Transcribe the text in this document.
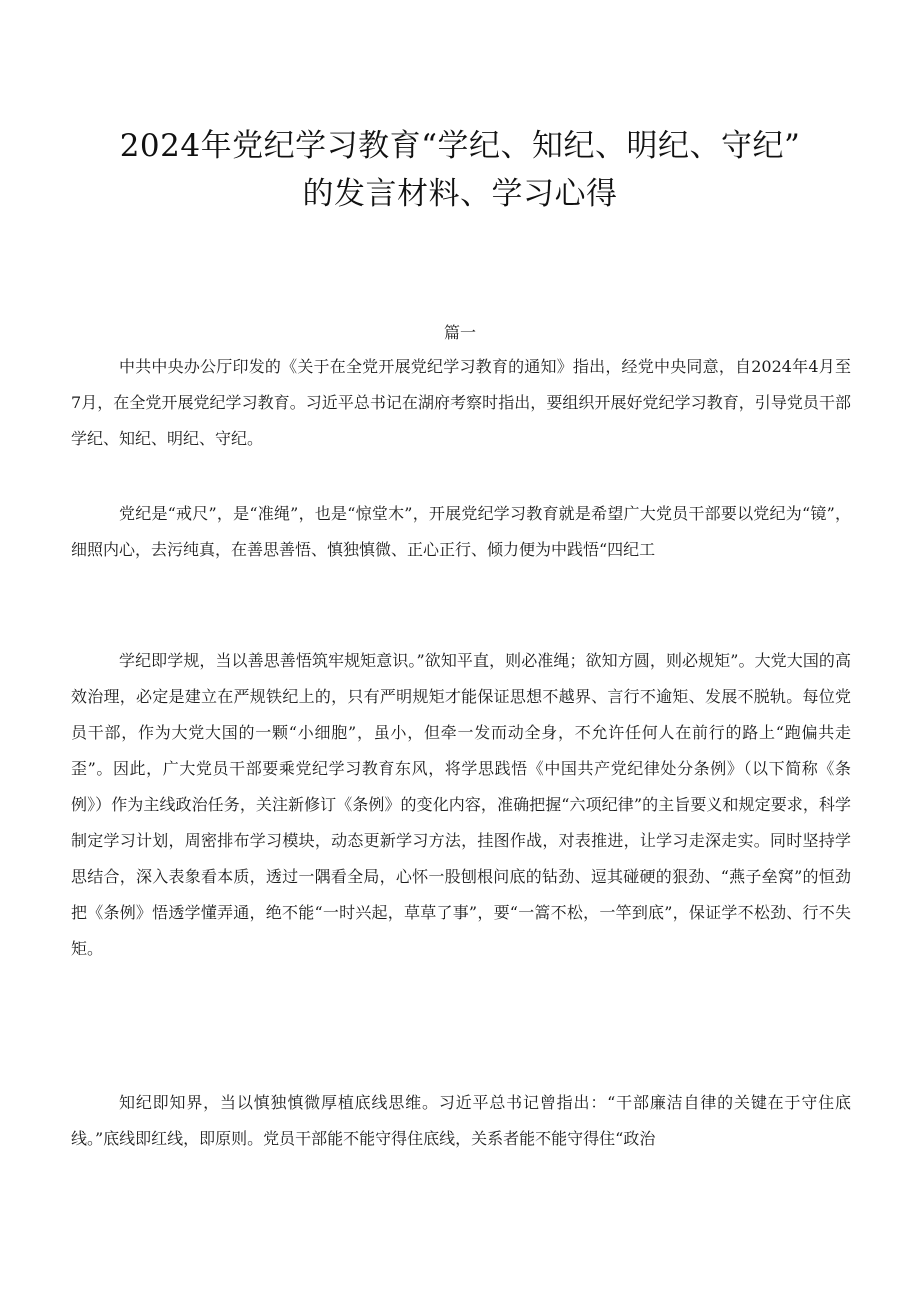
2024年党纪学习教育“学纪、知纪、明纪、守纪”
的发言材料、学习心得
篇一

中共中央办公厅印发的《关于在全党开展党纪学习教育的通知》指出，经党中央同意，自2024年4月至7月，在全党开展党纪学习教育。习近平总书记在湖府考察时指出，要组织开展好党纪学习教育，引导党员干部学纪、知纪、明纪、守纪。

党纪是“戒尺”，是“准绳”，也是“惊堂木”，开展党纪学习教育就是希望广大党员干部要以党纪为“镜”，细照内心，去污纯真，在善思善悟、慎独慎微、正心正行、倾力便为中践悟“四纪工

学纪即学规，当以善思善悟筑牢规矩意识。”欲知平直，则必准绳；欲知方圆，则必规矩”。大党大国的高效治理，必定是建立在严规铁纪上的，只有严明规矩才能保证思想不越界、言行不逾矩、发展不脱轨。每位党员干部，作为大党大国的一颗“小细胞”，虽小，但牵一发而动全身，不允许任何人在前行的路上“跑偏共走歪”。因此，广大党员干部要乘党纪学习教育东风，将学思践悟《中国共产党纪律处分条例》（以下简称《条例》）作为主线政治任务，关注新修订《条例》的变化内容，准确把握“六项纪律”的主旨要义和规定要求，科学制定学习计划，周密排布学习模块，动态更新学习方法，挂图作战，对表推进，让学习走深走实。同时坚持学思结合，深入表象看本质，透过一隅看全局，心怀一股刨根问底的钻劲、逗其碰硬的狠劲、“燕子垒窝”的恒劲把《条例》悟透学懂弄通，绝不能“一时兴起，草草了事”，要“一篙不松，一竿到底”，保证学不松劲、行不失矩。

知纪即知界，当以慎独慎微厚植底线思维。习近平总书记曾指出：“干部廉洁自律的关键在于守住底线。”底线即红线，即原则。党员干部能不能守得住底线，关系者能不能守得住“政治
